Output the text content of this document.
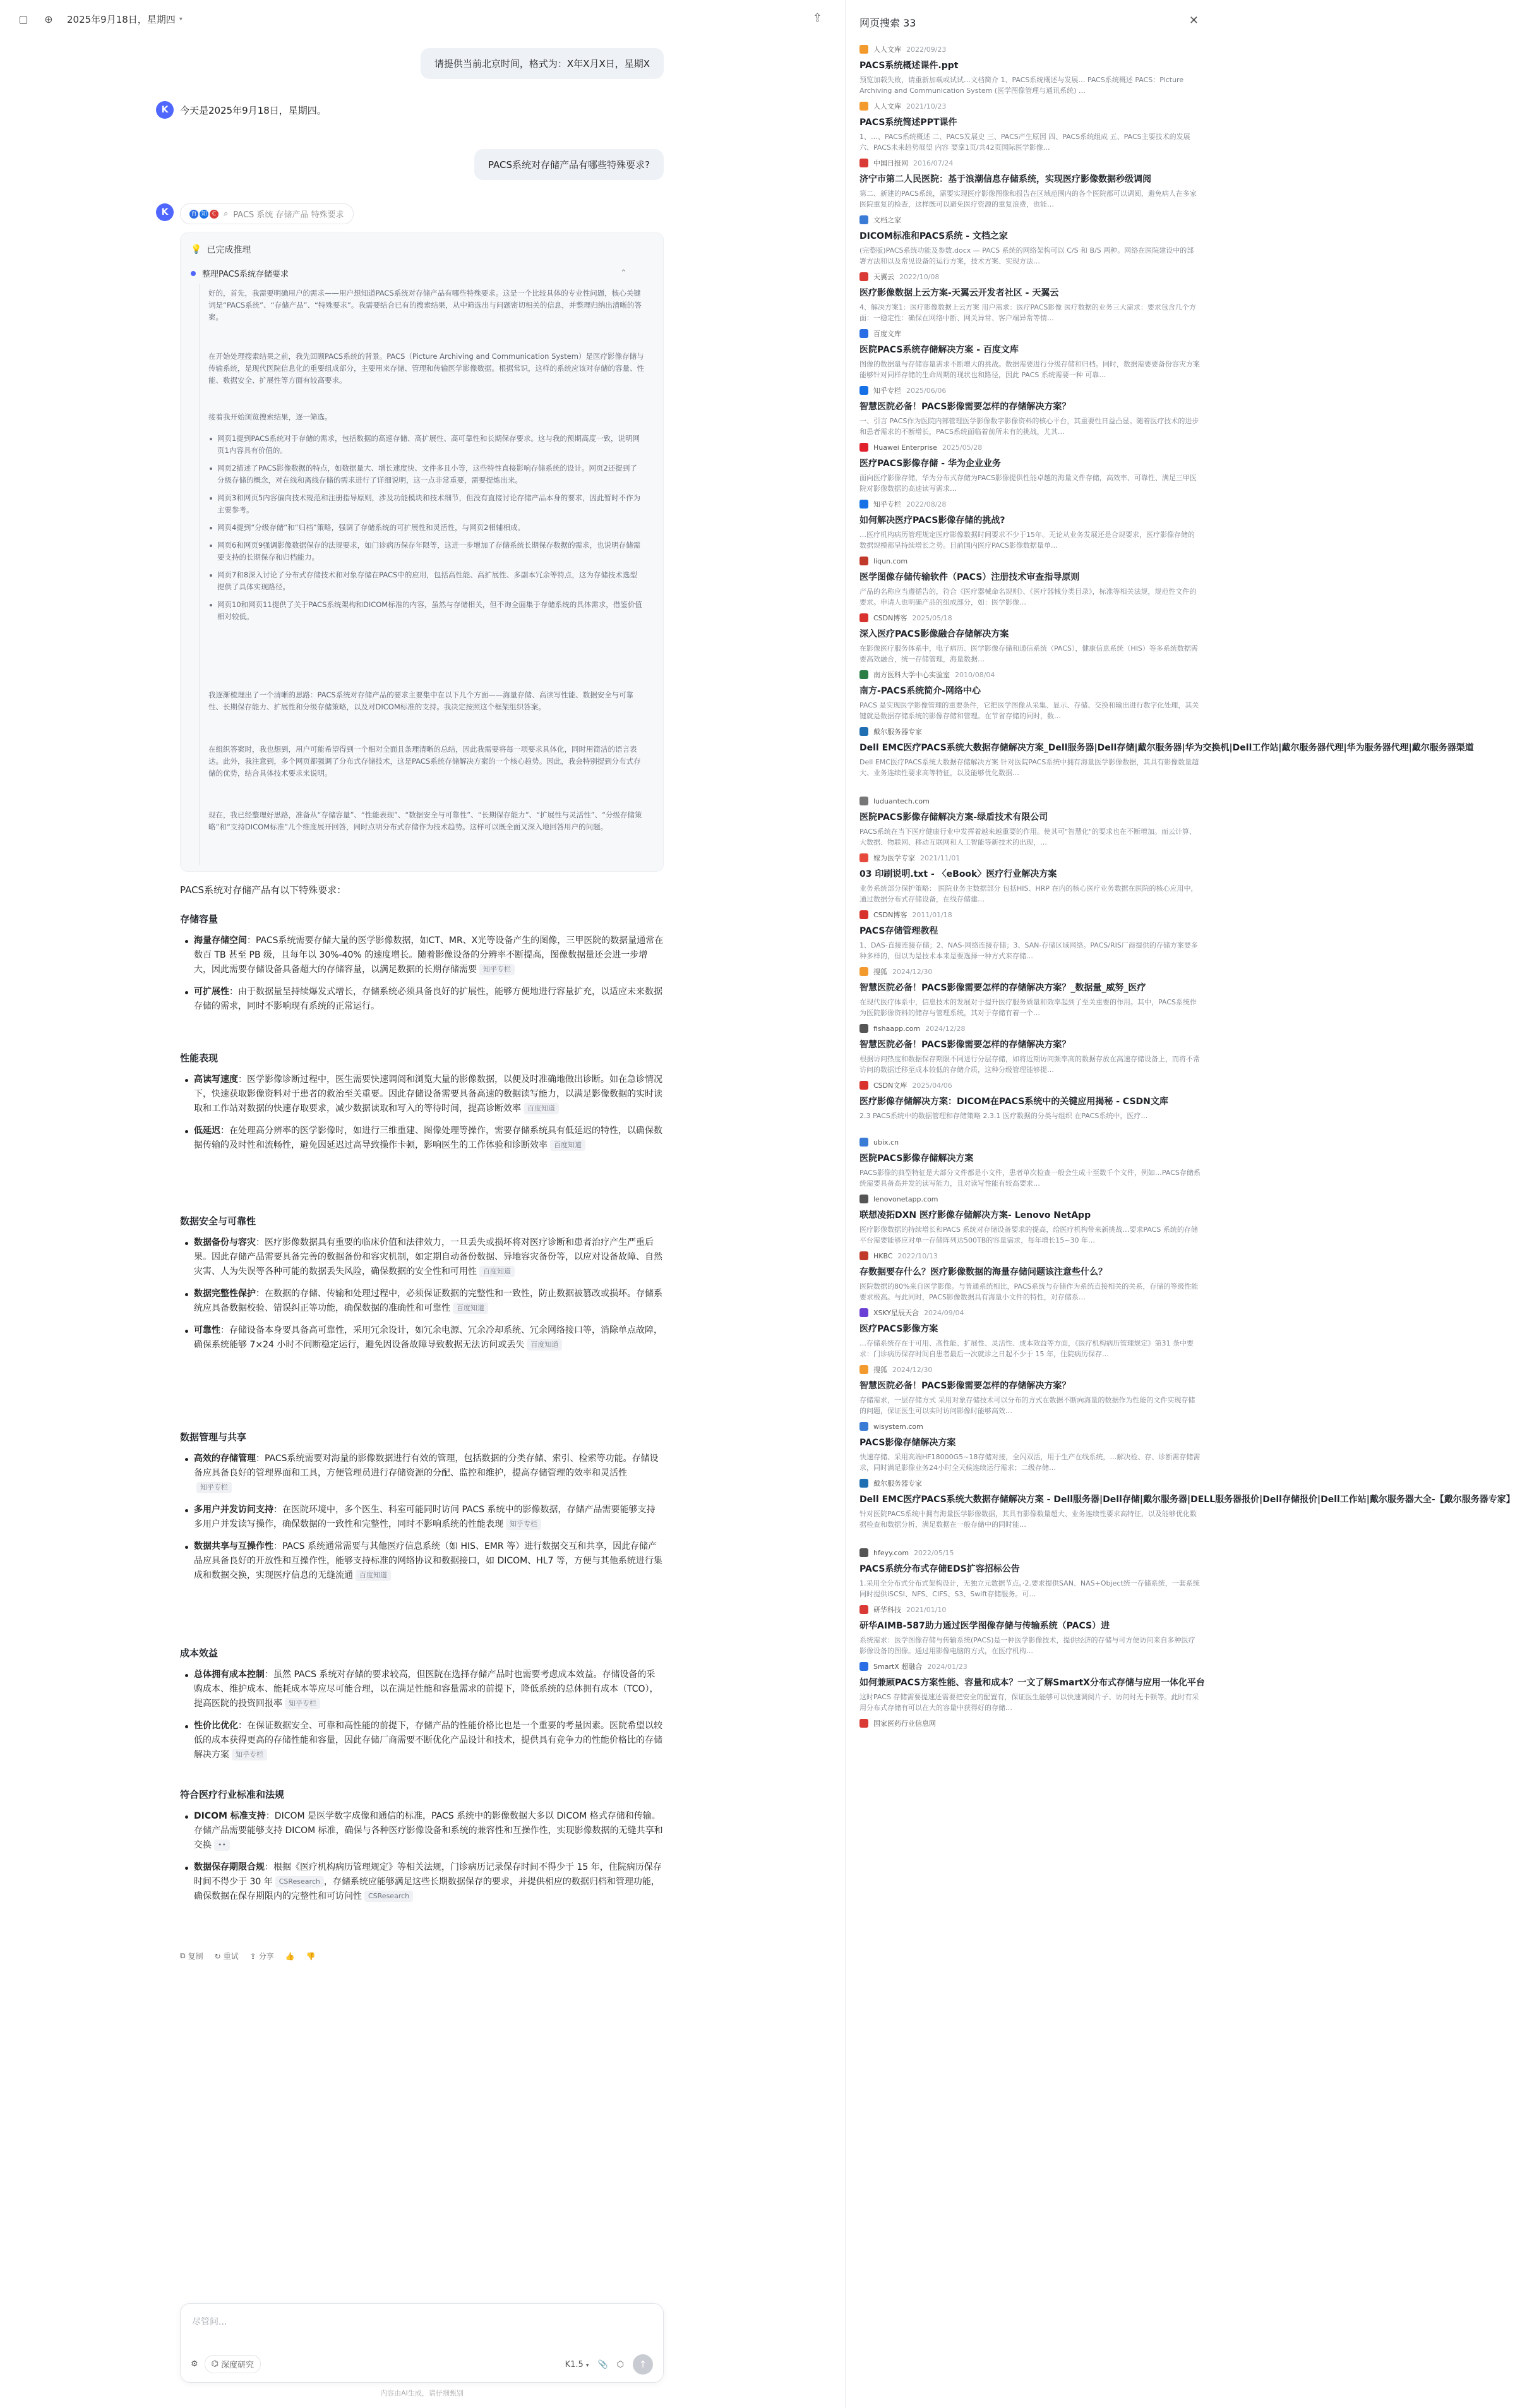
▢ ⊕ 2025年9月18日，星期四 ▾	⇪
请提供当前北京时间，格式为：X年X月X日，星期X
K	今天是2025年9月18日，星期四。
PACS系统对存储产品有哪些特殊要求?
K	百 知 C ⌕ PACS 系统 存储产品 特殊要求
💡 已完成推理
整理PACS系统存储要求	⌃
好的，首先，我需要明确用户的需求——用户想知道PACS系统对存储产品有哪些特殊要求。这是一个比较具体的专业性问题，核心关键词是“PACS系统”、“存储产品”、“特殊要求”。我需要结合已有的搜索结果，从中筛选出与问题密切相关的信息，并整理归纳出清晰的答案。
在开始处理搜索结果之前，我先回顾PACS系统的背景。PACS（Picture Archiving and Communication System）是医疗影像存储与传输系统，是现代医院信息化的重要组成部分，主要用来存储、管理和传输医学影像数据。根据常识，这样的系统应该对存储的容量、性能、数据安全、扩展性等方面有较高要求。
接着我开始浏览搜索结果，逐一筛选。
网页1提到PACS系统对于存储的需求，包括数据的高速存储、高扩展性、高可靠性和长期保存要求。这与我的预期高度一致，说明网页1内容具有价值的。
网页2描述了PACS影像数据的特点，如数据量大、增长速度快、文件多且小等，这些特性直接影响存储系统的设计。网页2还提到了分级存储的概念，对在线和离线存储的需求进行了详细说明，这一点非常重要，需要提炼出来。
网页3和网页5内容偏向技术规范和注册指导原则，涉及功能模块和技术细节，但没有直接讨论存储产品本身的要求，因此暂时不作为主要参考。
网页4提到“分级存储”和“归档”策略，强调了存储系统的可扩展性和灵活性，与网页2相辅相成。
网页6和网页9强调影像数据保存的法规要求，如门诊病历保存年限等，这进一步增加了存储系统长期保存数据的需求，也说明存储需要支持的长期保存和归档能力。
网页7和8深入讨论了分布式存储技术和对象存储在PACS中的应用，包括高性能、高扩展性、多副本冗余等特点，这为存储技术选型提供了具体实现路径。
网页10和网页11提供了关于PACS系统架构和DICOM标准的内容，虽然与存储相关，但不询全面集于存储系统的具体需求，借鉴价值相对较低。
我逐渐梳理出了一个清晰的思路：PACS系统对存储产品的要求主要集中在以下几个方面——海量存储、高读写性能、数据安全与可靠性、长期保存能力、扩展性和分级存储策略，以及对DICOM标准的支持。我决定按照这个框架组织答案。
在组织答案时，我也想到，用户可能希望得到一个相对全面且条理清晰的总结，因此我需要将每一项要求具体化，同时用简洁的语言表达。此外，我注意到，多个网页都强调了分布式存储技术，这是PACS系统存储解决方案的一个核心趋势。因此，我会特别提到分布式存储的优势，结合具体技术要求来说明。
现在，我已经整理好思路，准备从“存储容量”、“性能表现”、“数据安全与可靠性”、“长期保存能力”、“扩展性与灵活性”、“分级存储策略”和“支持DICOM标准”几个维度展开回答，同时点明分布式存储作为技术趋势。这样可以既全面又深入地回答用户的问题。
PACS系统对存储产品有以下特殊要求：
存储容量
海量存储空间：PACS系统需要存储大量的医学影像数据，如CT、MR、X光等设备产生的图像，三甲医院的数据量通常在数百 TB 甚至 PB 级，且每年以 30%-40% 的速度增长。随着影像设备的分辨率不断提高，图像数据量还会进一步增大，因此需要存储设备具备超大的存储容量，以满足数据的长期存储需要 知乎专栏
可扩展性：由于数据量呈持续爆发式增长，存储系统必须具备良好的扩展性，能够方便地进行容量扩充，以适应未来数据存储的需求，同时不影响现有系统的正常运行。
性能表现
高读写速度：医学影像诊断过程中，医生需要快速调阅和浏览大量的影像数据，以便及时准确地做出诊断。如在急诊情况下，快速获取影像资料对于患者的救治至关重要。因此存储设备需要具备高速的数据读写能力，以满足影像数据的实时读取和工作站对数据的快速存取要求，减少数据读取和写入的等待时间，提高诊断效率 百度知道
低延迟：在处理高分辨率的医学影像时，如进行三维重建、图像处理等操作，需要存储系统具有低延迟的特性，以确保数据传输的及时性和流畅性，避免因延迟过高导致操作卡顿，影响医生的工作体验和诊断效率 百度知道
数据安全与可靠性
数据备份与容灾：医疗影像数据具有重要的临床价值和法律效力，一旦丢失或损坏将对医疗诊断和患者治疗产生严重后果。因此存储产品需要具备完善的数据备份和容灾机制，如定期自动备份数据、异地容灾备份等，以应对设备故障、自然灾害、人为失误等各种可能的数据丢失风险，确保数据的安全性和可用性 百度知道
数据完整性保护：在数据的存储、传输和处理过程中，必须保证数据的完整性和一致性，防止数据被篡改或损坏。存储系统应具备数据校验、错误纠正等功能，确保数据的准确性和可靠性 百度知道
可靠性：存储设备本身要具备高可靠性，采用冗余设计，如冗余电源、冗余冷却系统、冗余网络接口等，消除单点故障，确保系统能够 7×24 小时不间断稳定运行，避免因设备故障导致数据无法访问或丢失 百度知道
数据管理与共享
高效的存储管理：PACS系统需要对海量的影像数据进行有效的管理，包括数据的分类存储、索引、检索等功能。存储设备应具备良好的管理界面和工具，方便管理员进行存储资源的分配、监控和维护，提高存储管理的效率和灵活性知乎专栏
多用户并发访问支持：在医院环境中，多个医生、科室可能同时访问 PACS 系统中的影像数据，存储产品需要能够支持多用户并发读写操作，确保数据的一致性和完整性，同时不影响系统的性能表现 知乎专栏
数据共享与互操作性：PACS 系统通常需要与其他医疗信息系统（如 HIS、EMR 等）进行数据交互和共享，因此存储产品应具备良好的开放性和互操作性，能够支持标准的网络协议和数据接口，如 DICOM、HL7 等，方便与其他系统进行集成和数据交换，实现医疗信息的无缝流通 百度知道
成本效益
总体拥有成本控制：虽然 PACS 系统对存储的要求较高，但医院在选择存储产品时也需要考虑成本效益。存储设备的采购成本、维护成本、能耗成本等应尽可能合理，以在满足性能和容量需求的前提下，降低系统的总体拥有成本（TCO），提高医院的投资回报率 知乎专栏
性价比优化：在保证数据安全、可靠和高性能的前提下，存储产品的性能价格比也是一个重要的考量因素。医院希望以较低的成本获得更高的存储性能和容量，因此存储厂商需要不断优化产品设计和技术，提供具有竞争力的性能价格比的存储解决方案 知乎专栏
符合医疗行业标准和法规
DICOM 标准支持：DICOM 是医学数字成像和通信的标准，PACS 系统中的影像数据大多以 DICOM 格式存储和传输。存储产品需要能够支持 DICOM 标准，确保与各种医疗影像设备和系统的兼容性和互操作性，实现影像数据的无缝共享和交换 ••
数据保存期限合规：根据《医疗机构病历管理规定》等相关法规，门诊病历记录保存时间不得少于 15 年，住院病历保存时间不得少于 30 年 CSResearch ，存储系统应能够满足这些长期数据保存的要求，并提供相应的数据归档和管理功能，确保数据在保存期限内的完整性和可访问性 CSResearch
⧉ 复制 ↻ 重试 ⇪ 分享 👍 👎
尽管问...
⚙ ⌬ 深度研究	K1.5 ▾ 📎 ⬡ ↑
内容由AI生成，请仔细甄别
网页搜索 33	✕
人人文库 2022/09/23
PACS系统概述课件.ppt
预览加载失败，请重新加载或试试…文档简介 1、PACS系统概述与发展… PACS系统概述 PACS：Picture Archiving and Communication System (医学图像管理与通讯系统) …
人人文库 2021/10/23
PACS系统简述PPT课件
1、…、PACS系统概述 二、PACS发展史 三、PACS产生原因 四、PACS系统组成 五、PACS主要技术的发展 六、PACS未来趋势展望 内容 要掌1页/共42页国际医学影像…
中国日报网 2016/07/24
济宁市第二人民医院：基于浪潮信息存储系统，实现医疗影像数据秒级调阅
第二、新建的PACS系统，需要实现医疗影像图像和报告在区域范围内的各个医院都可以调阅，避免病人在多家医院重复的检查，这样既可以避免医疗资源的重复浪费，也能…
文档之家
DICOM标准和PACS系统 - 文档之家
(完整版)PACS系统功能及参数.docx — PACS 系统的网络架构可以 C/S 和 B/S 两种。网络在医院建设中的部署方法和以及常见设备的运行方案，技术方案、实现方法…
天翼云 2022/10/08
医疗影像数据上云方案-天翼云开发者社区 - 天翼云
4、解决方案1：医疗影像数据上云方案 用户需求：医疗PACS影像 医疗数据的业务三大需求：要求包含几个方面：一稳定性：确保在网络中断、网关异常、客户端异常等情…
百度文库
医院PACS系统存储解决方案 - 百度文库
图像的数据量与存储容量需求不断增大的挑战。数据需要进行分级存储和归档。同时，数据需要要备份容灾方案能够针对同样存储的生命周期的现状也和路径，因此 PACS 系统需要一种 可靠…
知乎专栏 2025/06/06
智慧医院必备！PACS影像需要怎样的存储解决方案？
一、引言 PACS作为医院内部管理医学影像数字影像资料的核心平台，其重要性日益凸显。随着医疗技术的进步和患者需求的不断增长，PACS系统面临着前所未有的挑战，尤其…
Huawei Enterprise 2025/05/28
医疗PACS影像存储 - 华为企业业务
面向医疗影像存储，华为分布式存储为PACS影像提供性能卓越的海量文件存储，高效率、可靠性、满足三甲医院对影像数据的高速读写需求…
知乎专栏 2022/08/28
如何解决医疗PACS影像存储的挑战?
…医疗机构病历管理规定医疗影像数据时间要求不少于15年。无论从业务发展还是合规要求，医疗影像存储的数据规模都呈持续增长之势。目前国内医疗PACS影像数据量单…
liqun.com
医学图像存储传输软件（PACS）注册技术审查指导原则
产品的名称应当遵循告的，符合《医疗器械命名规则》、《医疗器械分类目录》，标准等相关法规，规范性文件的要求。申请人也明确产品的组成部分，如：医学影像…
CSDN博客 2025/05/18
深入医疗PACS影像融合存储解决方案
在影像医疗服务体系中，电子病历、医学影像存储和通信系统（PACS），健康信息系统（HIS）等多系统数据需要高效融合，统一存储管理，海量数据…
南方医科大学中心实验室 2010/08/04
南方-PACS系统简介-网络中心
PACS 是实现医学影像管理的重要条件，它把医学图像从采集、显示、存储、交换和输出进行数字化处理，其关键就是数据存储系统的影像存储和管理。在节省存储的同时，数…
戴尔服务器专家
Dell EMC医疗PACS系统大数据存储解决方案_Dell服务器|Dell存储|戴尔服务器|华为交换机|Dell工作站|戴尔服务器代理|华为服务器代理|戴尔服务器渠道
Dell EMC医疗PACS系统大数据存储解决方案 针对医院PACS系统中拥有海量医学影像数据，其具有影像数量超大、业务连续性要求高等特征，以及能够优化数据…
luduantech.com
医院PACS影像存储解决方案-绿盾技术有限公司
PACS系统在当下医疗健康行业中发挥着越来越重要的作用。使其可"智慧化"的要求也在不断增加。而云计算、大数据、物联网、移动互联网和人工智能等新技术的出现，…
嫁为医学专家 2021/11/01
03 印刷说明.txt - 〈eBook〉医疗行业解决方案
业务系统部分保护策略： 医院业务主数据部分 包括HIS、HRP 在内的核心医疗业务数据在医院的核心应用中，通过数据分布式存储设备，在线存储建…
CSDN博客 2011/01/18
PACS存储管理教程
1、DAS-直接连接存储；2、NAS-网络连接存储；3、SAN-存储区域网络。PACS/RIS厂商提供的存储方案要多种多样的，但以为是技术本来是要选择一种方式来存储…
搜狐 2024/12/30
智慧医院必备！PACS影像需要怎样的存储解决方案？_数据量_威努_医疗
在现代医疗体系中，信息技术的发展对于提升医疗服务质量和效率起到了至关重要的作用。其中，PACS系统作为医院影像资料的储存与管理系统，其对于存储有着一个…
fishaapp.com 2024/12/28
智慧医院必备！PACS影像需要怎样的存储解决方案？
根据访问热度和数据保存期限不同进行分层存储，如将近期访问频率高的数据存放在高速存储设备上，而将不常访问的数据迁移至成本较低的存储介质，这种分级管理能够提…
CSDN文库 2025/04/06
医疗影像存储解决方案：DICOM在PACS系统中的关键应用揭秘 - CSDN文库
2.3 PACS系统中的数据管理和存储策略 2.3.1 医疗数据的分类与组织 在PACS系统中，医疗…
ubix.cn
医院PACS影像存储解决方案
PACS影像的典型特征是大部分文件都是小文件，患者单次检查一般会生成十至数千个文件，例如…PACS存储系统需要具备高并发的读写能力，且对读写性能有较高要求…
lenovonetapp.com
联想凌拓DXN 医疗影像存储解决方案- Lenovo NetApp
医疗影像数据的持续增长和PACS 系统对存储设备要求的提高，给医疗机构带来新挑战…要求PACS 系统的存储平台需要能够应对单一存储阵列达500TB的容量需求，每年增长15~30 年…
HKBC 2022/10/13
存数据要存什么？医疗影像数据的海量存储问题该注意些什么？
医院数据的80%来自医学影像。与普通系统相比，PACS系统与存储作为系统直接相关的关系，存储的等级性能要求极高。与此同时，PACS影像数据具有海量小文件的特性，对存储系…
XSKY星辰天合 2024/09/04
医疗PACS影像方案
…存储系统存在于可用、高性能、扩展性、灵活性、成本效益等方面，《医疗机构病历管理规定》第31 条中要求：门诊病历保存时间自患者最后一次就诊之日起不少于 15 年，住院病历保存…
搜狐 2024/12/30
智慧医院必备！PACS影像需要怎样的存储解决方案？
存储需求，一层存储方式 采用对象存储技术可以分布的方式在数据不断向海量的数据作为性能的文件实现存储的问题，保证医生可以实时访问影像时能够高效…
wisystem.com
PACS影像存储解决方案
快速存储、采用高端HF18000G5~18存储对接，全闪双活，用于生产在线系统，…解决检、存、诊断需存储需求，同时满足影像业务24小时全天候连续运行需求；二级存储…
戴尔服务器专家
Dell EMC医疗PACS系统大数据存储解决方案 - Dell服务器|Dell存储|戴尔服务器|DELL服务器报价|Dell存储报价|Dell工作站|戴尔服务器大全-【戴尔服务器专家】
针对医院PACS系统中拥有海量医学影像数据，其具有影像数量超大、业务连续性要求高特征，以及能够优化数据检查和数据分析，满足数据在一般存储中的同时能…
hfeyy.com 2022/05/15
PACS系统分布式存储EDS扩容招标公告
1.采用全分布式分布式架构设计，无独立元数据节点。·2.要求提供SAN、NAS+Object统一存储系统，一套系统同时提供iSCSI、NFS、CIFS、S3、Swift存储服务。可…
研华科技 2021/01/10
研华AIMB-587助力通过医学图像存储与传输系统（PACS）进
系统需求：医学图像存储与传输系统(PACS)是一种医学影像技术，提供经济的存储与可方便访问来自多种医疗影像设备的图像。通过用影像电脑的方式，在医疗机构…
SmartX 超融合 2024/01/23
如何兼顾PACS方案性能、容量和成本？一文了解SmartX分布式存储与应用一体化平台
这时PACS 存储需要提速还需要把安全的配置有，保证医生能够可以快速调阅片子、访问时无卡顿等。此时有采用分布式存储有可以在大的容量中获得好的存储…
国家医药行业信息网
